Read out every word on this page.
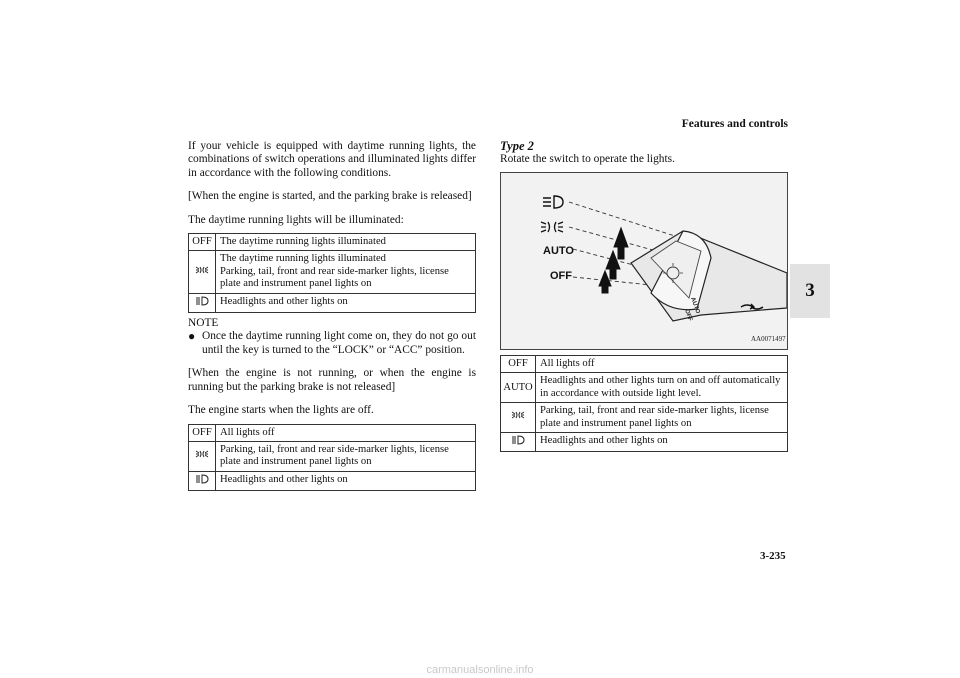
Features and controls
3
3-235

If your vehicle is equipped with daytime running lights, the combinations of switch operations and illuminated lights differ in accordance with the following conditions.

[When the engine is started, and the parking brake is released]

The daytime running lights will be illuminated:

OFF	The daytime running lights illuminated
	The daytime running lights illuminated
Parking, tail, front and rear side-marker lights, license plate and instrument panel lights on
	Headlights and other lights on

NOTE

● Once the daytime running light come on, they do not go out until the key is turned to the “LOCK” or “ACC” position.

[When the engine is not running, or when the engine is running but the parking brake is not released]

The engine starts when the lights are off.

OFF	All lights off
	Parking, tail, front and rear side-marker lights, license plate and instrument panel lights on
	Headlights and other lights on

Type 2

Rotate the switch to operate the lights.

AUTO
OFF
AUTO
OFF
AA0071497
OFF	All lights off
AUTO	Headlights and other lights turn on and off automatically in accordance with outside light level.
	Parking, tail, front and rear side-marker lights, license plate and instrument panel lights on
	Headlights and other lights on
carmanualsonline.info
